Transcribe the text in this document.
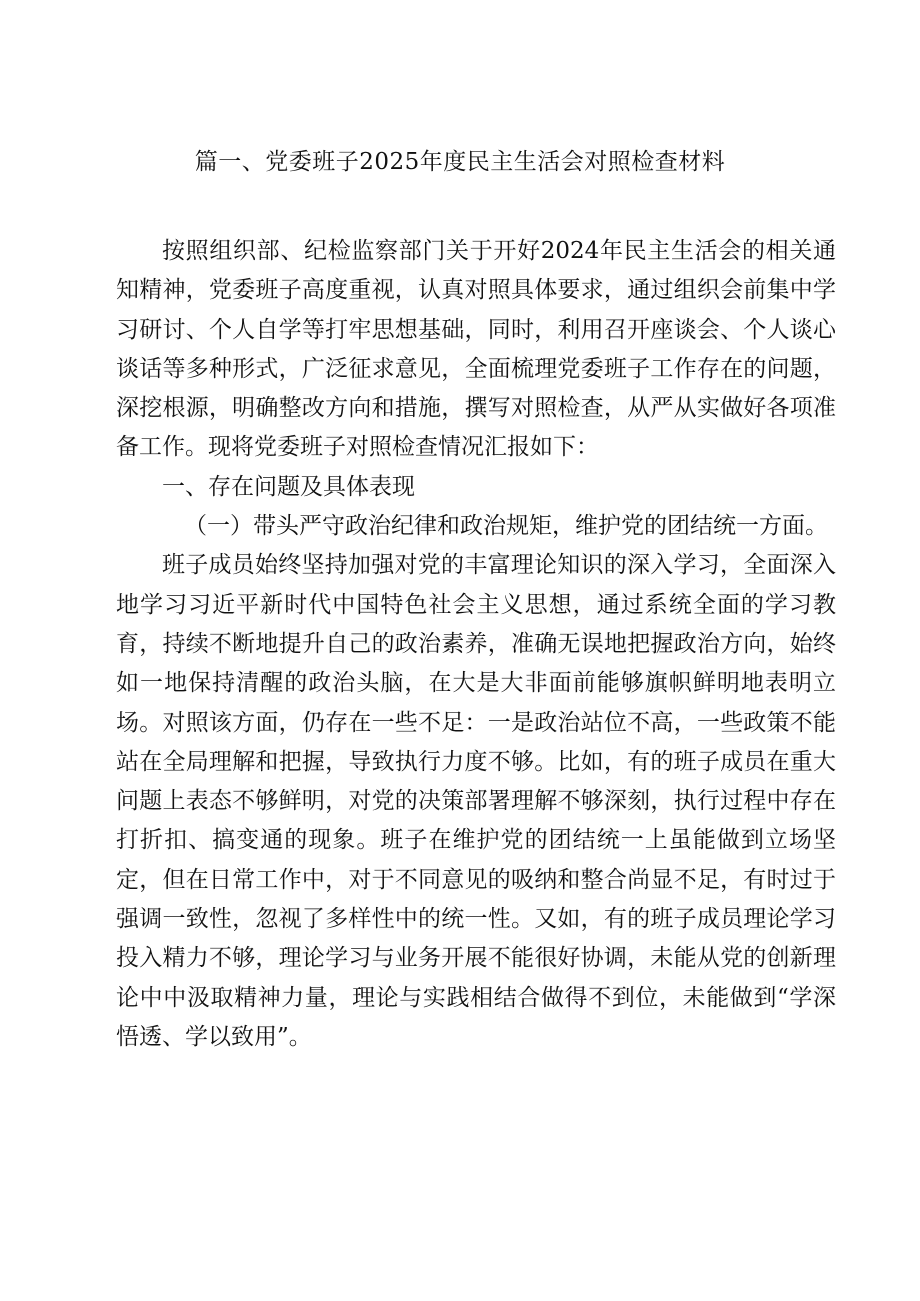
篇一、党委班子2025年度民主生活会对照检查材料

按照组织部、纪检监察部门关于开好2024年民主生活会的相关通知精神，党委班子高度重视，认真对照具体要求，通过组织会前集中学习研讨、个人自学等打牢思想基础，同时，利用召开座谈会、个人谈心谈话等多种形式，广泛征求意见，全面梳理党委班子工作存在的问题，深挖根源，明确整改方向和措施，撰写对照检查，从严从实做好各项准备工作。现将党委班子对照检查情况汇报如下：

一、存在问题及具体表现

（一）带头严守政治纪律和政治规矩，维护党的团结统一方面。

班子成员始终坚持加强对党的丰富理论知识的深入学习，全面深入地学习习近平新时代中国特色社会主义思想，通过系统全面的学习教育，持续不断地提升自己的政治素养，准确无误地把握政治方向，始终如一地保持清醒的政治头脑，在大是大非面前能够旗帜鲜明地表明立场。对照该方面，仍存在一些不足：一是政治站位不高，一些政策不能站在全局理解和把握，导致执行力度不够。比如，有的班子成员在重大问题上表态不够鲜明，对党的决策部署理解不够深刻，执行过程中存在打折扣、搞变通的现象。班子在维护党的团结统一上虽能做到立场坚定，但在日常工作中，对于不同意见的吸纳和整合尚显不足，有时过于强调一致性，忽视了多样性中的统一性。又如，有的班子成员理论学习投入精力不够，理论学习与业务开展不能很好协调，未能从党的创新理论中中汲取精神力量，理论与实践相结合做得不到位，未能做到“学深悟透、学以致用”。
